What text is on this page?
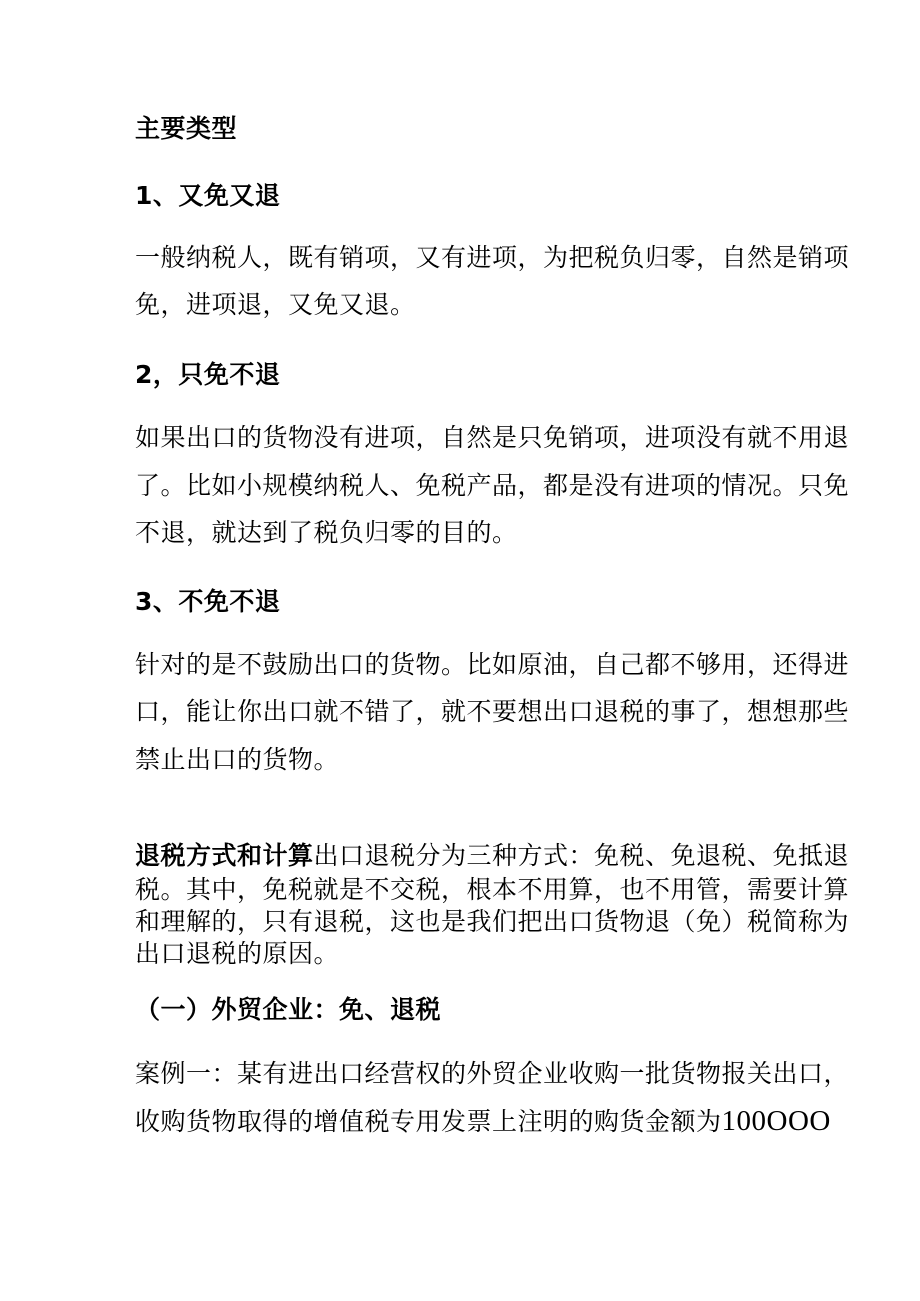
主要类型
1、又免又退
一般纳税人，既有销项，又有进项，为把税负归零，自然是销项
免，进项退，又免又退。
2，只免不退
如果出口的货物没有进项，自然是只免销项，进项没有就不用退
了。比如小规模纳税人、免税产品，都是没有进项的情况。只免
不退，就达到了税负归零的目的。
3、不免不退
针对的是不鼓励出口的货物。比如原油，自己都不够用，还得进
口，能让你出口就不错了，就不要想出口退税的事了，想想那些
禁止出口的货物。
退税方式和计算出口退税分为三种方式：免税、免退税、免抵退
税。其中，免税就是不交税，根本不用算，也不用管，需要计算
和理解的，只有退税，这也是我们把出口货物退（免）税简称为
出口退税的原因。
（一）外贸企业：免、退税
案例一：某有进出口经营权的外贸企业收购一批货物报关出口，
收购货物取得的增值税专用发票上注明的购货金额为100OOO
